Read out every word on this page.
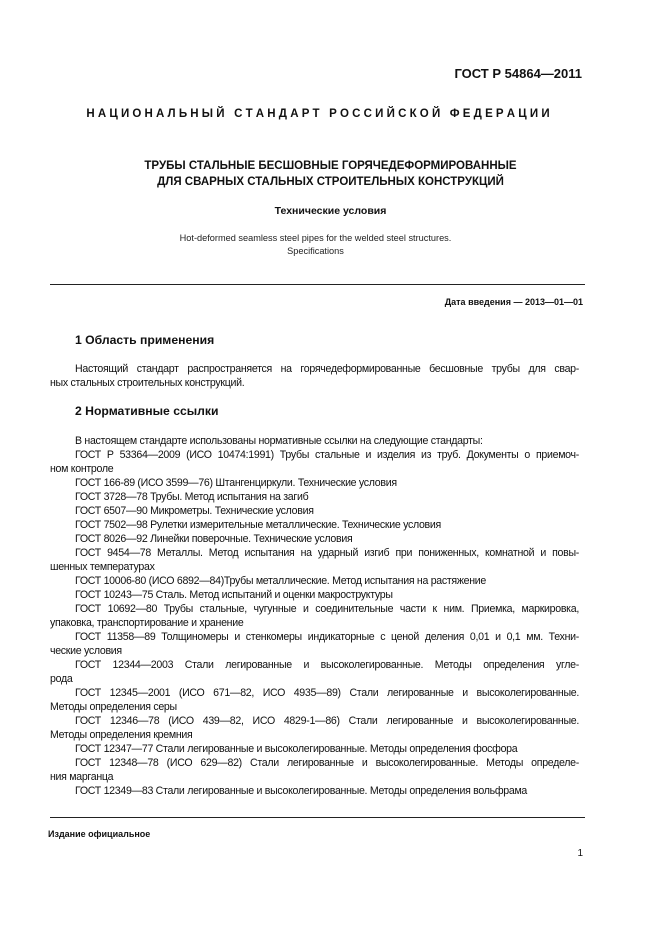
ГОСТ Р 54864—2011
Н А Ц И О Н А Л Ь Н Ы Й   С Т А Н Д А Р Т   Р О С С И Й С К О Й   Ф Е Д Е Р А Ц И И
ТРУБЫ СТАЛЬНЫЕ БЕСШОВНЫЕ ГОРЯЧЕДЕФОРМИРОВАННЫЕ
ДЛЯ СВАРНЫХ СТАЛЬНЫХ СТРОИТЕЛЬНЫХ КОНСТРУКЦИЙ
Технические условия
Hot-deformed seamless steel pipes for the welded steel structures.
Specifications
Дата введения — 2013—01—01
1 Область применения
Настоящий стандарт распространяется на горячедеформированные бесшовные трубы для свар-
ных стальных строительных конструкций.
2 Нормативные ссылки
В настоящем стандарте использованы нормативные ссылки на следующие стандарты:
ГОСТ Р 53364—2009 (ИСО 10474:1991) Трубы стальные и изделия из труб. Документы о приемоч-
ном контроле
ГОСТ 166-89 (ИСО 3599—76) Штангенциркули. Технические условия
ГОСТ 3728—78 Трубы. Метод испытания на загиб
ГОСТ 6507—90 Микрометры. Технические условия
ГОСТ 7502—98 Рулетки измерительные металлические. Технические условия
ГОСТ 8026—92 Линейки поверочные. Технические условия
ГОСТ 9454—78 Металлы. Метод испытания на ударный изгиб при пониженных, комнатной и повы-
шенных температурах
ГОСТ 10006-80 (ИСО 6892—84)Трубы металлические. Метод испытания на растяжение
ГОСТ 10243—75 Сталь. Метод испытаний и оценки макроструктуры
ГОСТ 10692—80 Трубы стальные, чугунные и соединительные части к ним. Приемка, маркировка,
упаковка, транспортирование и хранение
ГОСТ 11358—89 Толщиномеры и стенкомеры индикаторные с ценой деления 0,01 и 0,1 мм. Техни-
ческие условия
ГОСТ 12344—2003 Стали легированные и высоколегированные. Методы определения угле-
рода
ГОСТ 12345—2001 (ИСО 671—82, ИСО 4935—89) Стали легированные и высоколегированные.
Методы определения серы
ГОСТ 12346—78 (ИСО 439—82, ИСО 4829-1—86) Стали легированные и высоколегированные.
Методы определения кремния
ГОСТ 12347—77 Стали легированные и высоколегированные. Методы определения фосфора
ГОСТ 12348—78 (ИСО 629—82) Стали легированные и высоколегированные. Методы определе-
ния марганца
ГОСТ 12349—83 Стали легированные и высоколегированные. Методы определения вольфрама
Издание официальное
1
